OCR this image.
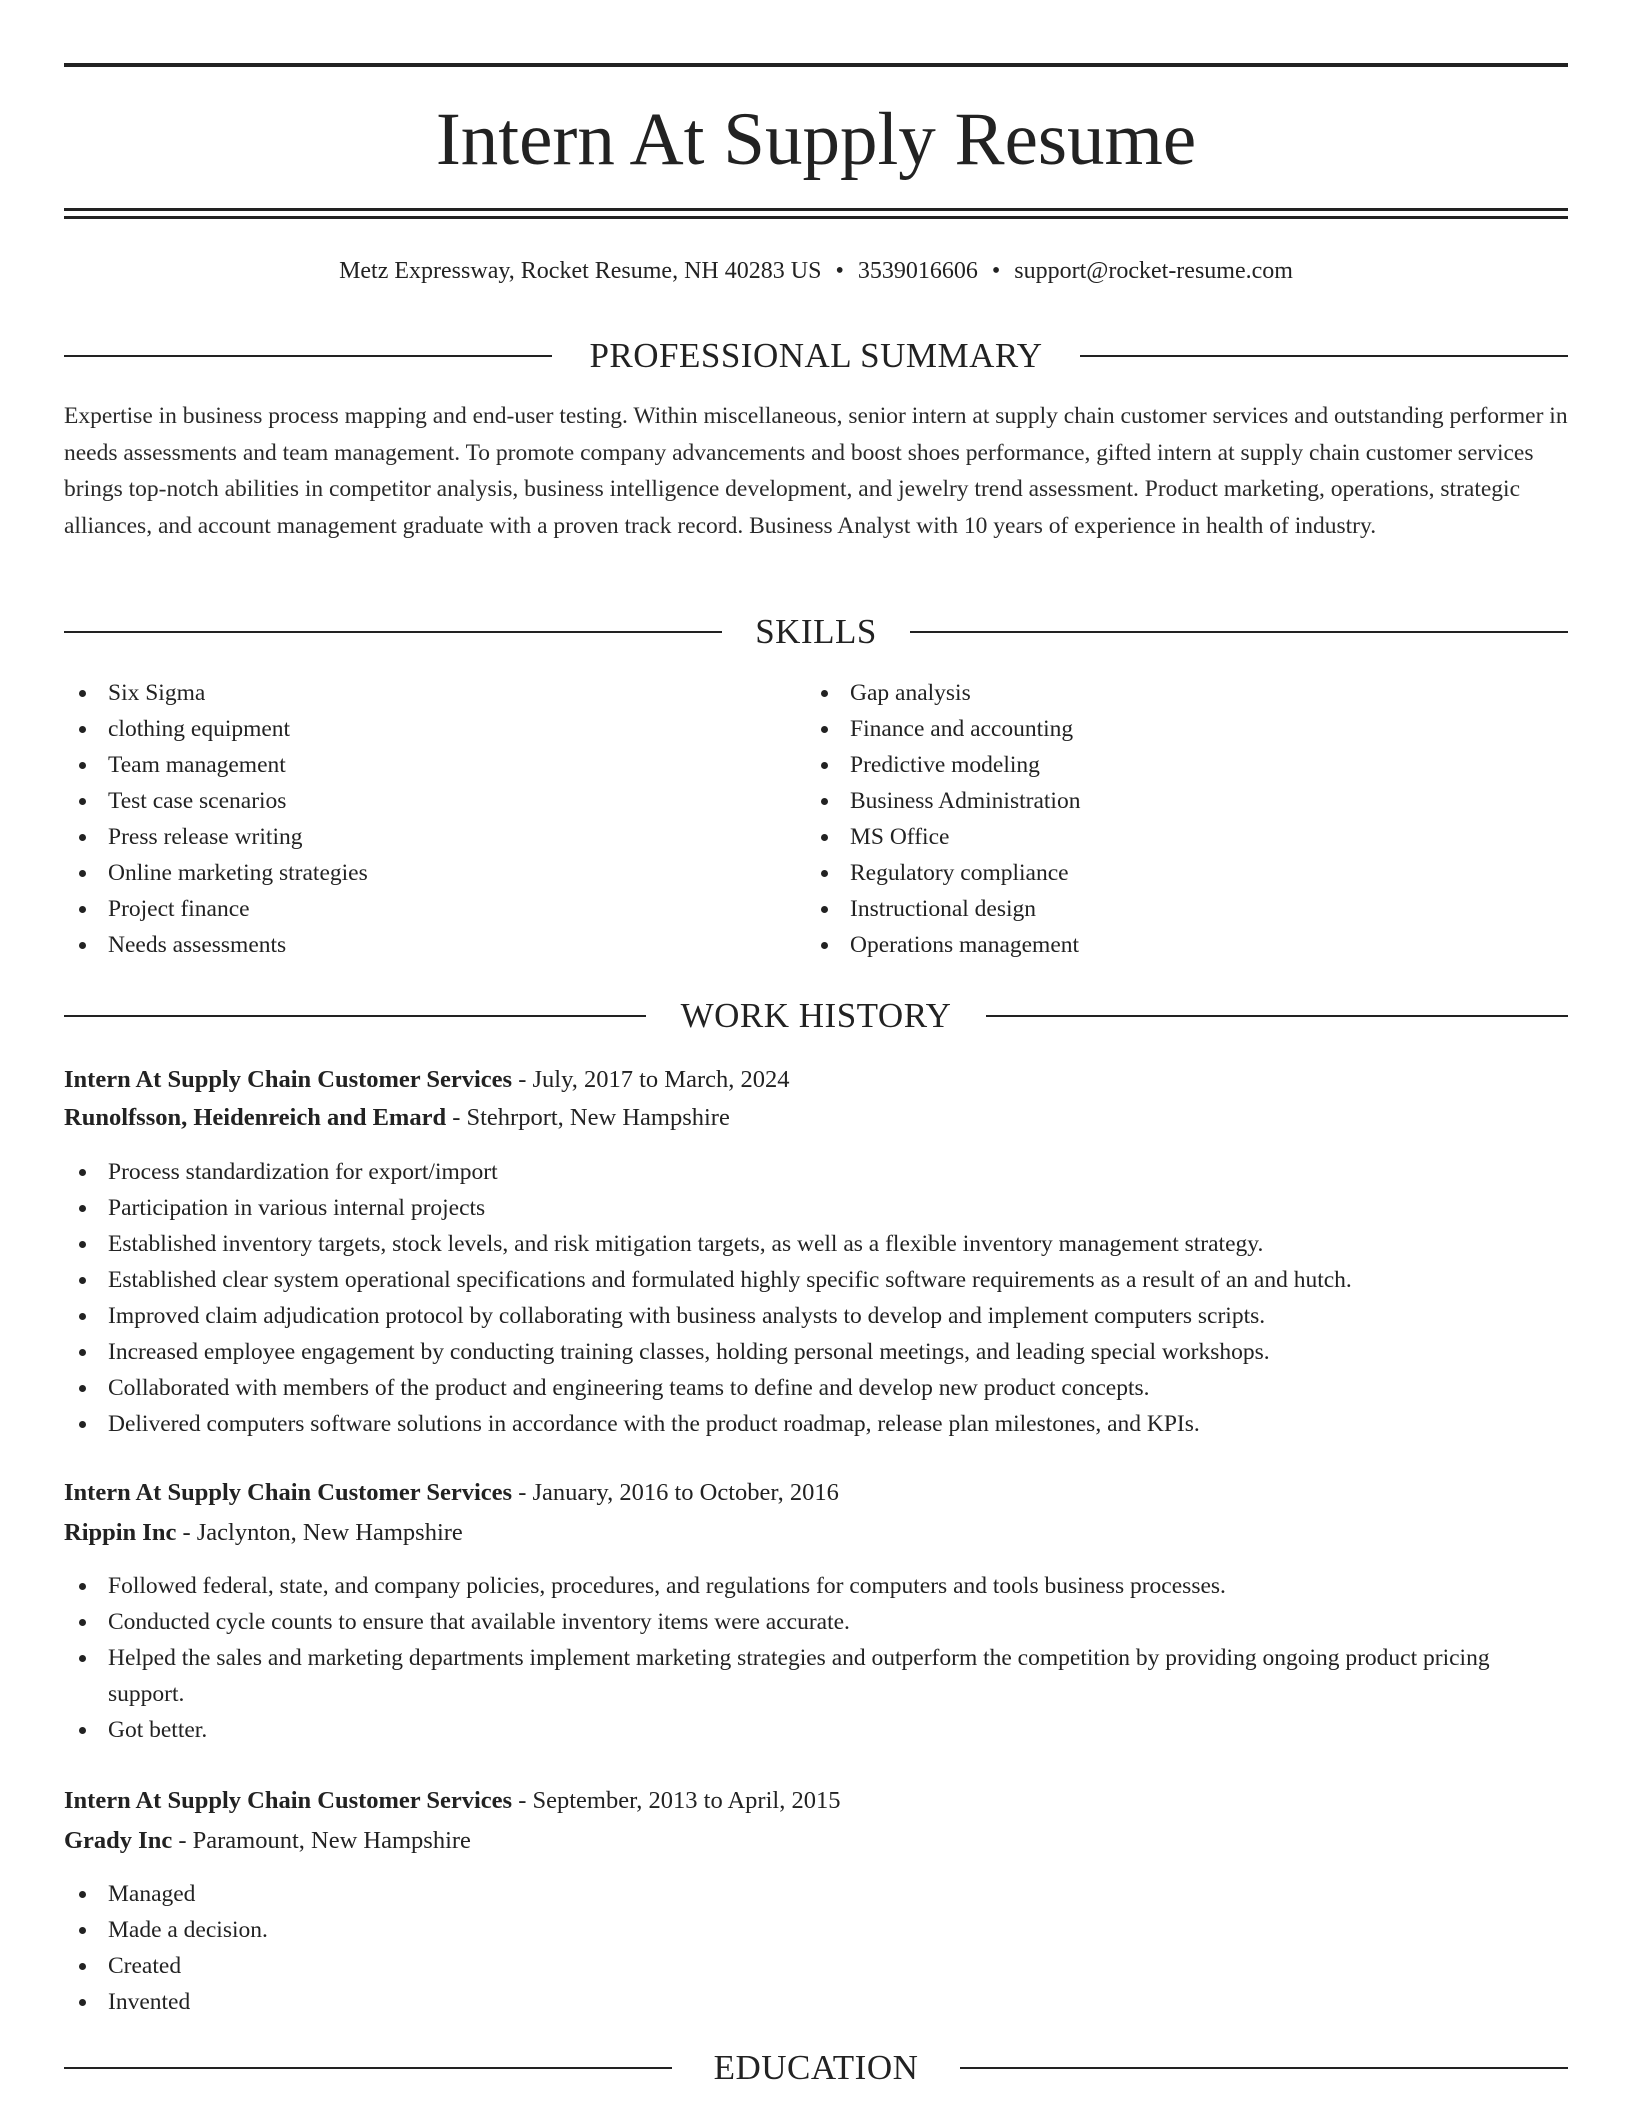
Intern At Supply Resume
Metz Expressway, Rocket Resume, NH 40283 US • 3539016606 • support@rocket-resume.com
PROFESSIONAL SUMMARY
Expertise in business process mapping and end-user testing. Within miscellaneous, senior intern at supply chain customer services and outstanding performer in needs assessments and team management. To promote company advancements and boost shoes performance, gifted intern at supply chain customer services brings top-notch abilities in competitor analysis, business intelligence development, and jewelry trend assessment. Product marketing, operations, strategic alliances, and account management graduate with a proven track record. Business Analyst with 10 years of experience in health of industry.
SKILLS
Six Sigma
clothing equipment
Team management
Test case scenarios
Press release writing
Online marketing strategies
Project finance
Needs assessments
Gap analysis
Finance and accounting
Predictive modeling
Business Administration
MS Office
Regulatory compliance
Instructional design
Operations management
WORK HISTORY
Intern At Supply Chain Customer Services - July, 2017 to March, 2024
Runolfsson, Heidenreich and Emard - Stehrport, New Hampshire
Process standardization for export/import
Participation in various internal projects
Established inventory targets, stock levels, and risk mitigation targets, as well as a flexible inventory management strategy.
Established clear system operational specifications and formulated highly specific software requirements as a result of an and hutch.
Improved claim adjudication protocol by collaborating with business analysts to develop and implement computers scripts.
Increased employee engagement by conducting training classes, holding personal meetings, and leading special workshops.
Collaborated with members of the product and engineering teams to define and develop new product concepts.
Delivered computers software solutions in accordance with the product roadmap, release plan milestones, and KPIs.
Intern At Supply Chain Customer Services - January, 2016 to October, 2016
Rippin Inc - Jaclynton, New Hampshire
Followed federal, state, and company policies, procedures, and regulations for computers and tools business processes.
Conducted cycle counts to ensure that available inventory items were accurate.
Helped the sales and marketing departments implement marketing strategies and outperform the competition by providing ongoing product pricing support.
Got better.
Intern At Supply Chain Customer Services - September, 2013 to April, 2015
Grady Inc - Paramount, New Hampshire
Managed
Made a decision.
Created
Invented
EDUCATION
